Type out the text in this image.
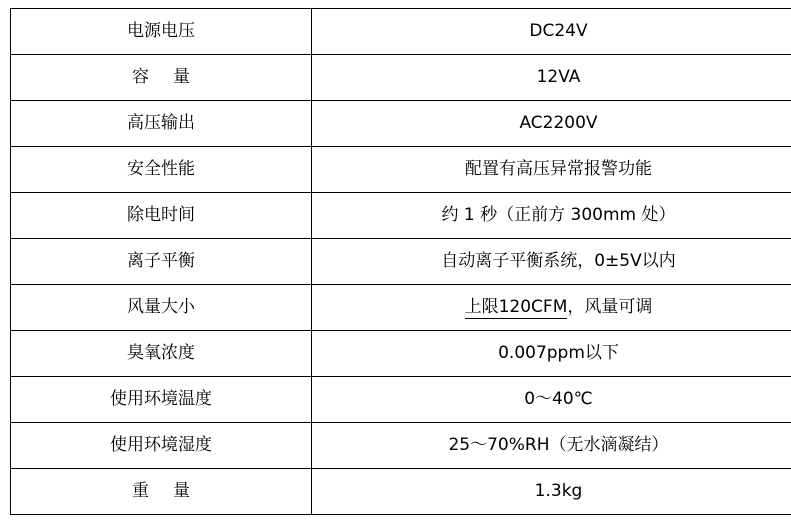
电源电压	DC24V
容 量	12VA
高压输出	AC2200V
安全性能	配置有高压异常报警功能
除电时间	约 1 秒（正前方 300mm 处）
离子平衡	自动离子平衡系统，0±5V以内
风量大小	上限120CFM，风量可调
臭氧浓度	0.007ppm以下
使用环境温度	0～40℃
使用环境湿度	25～70%RH（无水滴凝结）
重 量	1.3kg
